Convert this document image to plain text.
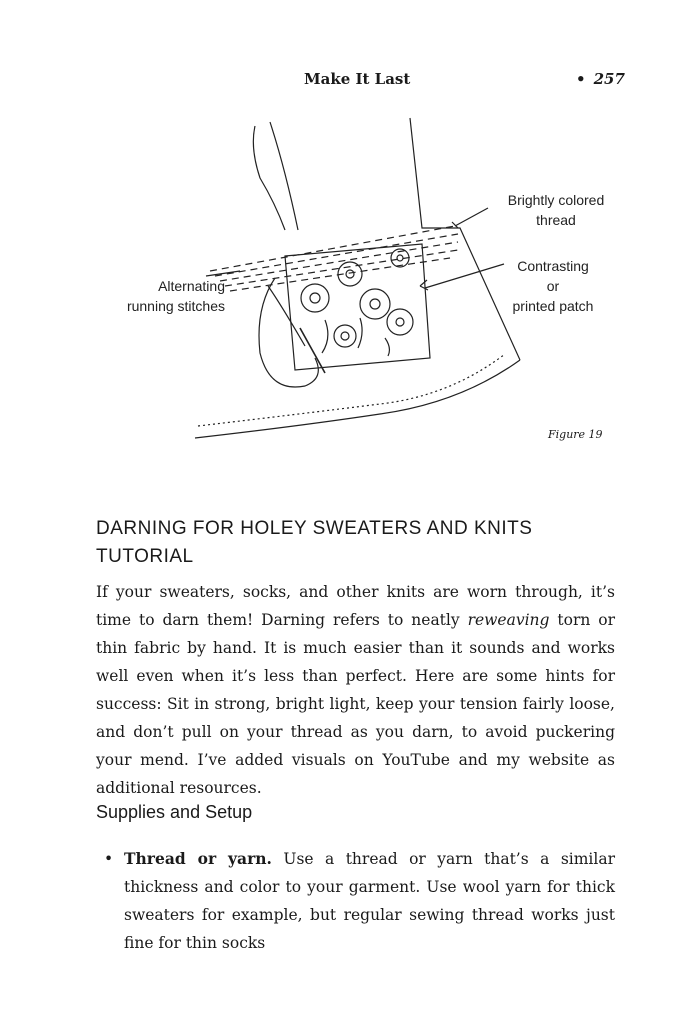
Make It Last	• 257
Brightly colored
thread
Alternating
running stitches
Contrasting
or
printed patch
Figure 19
DARNING FOR HOLEY SWEATERS AND KNITS
TUTORIAL
If your sweaters, socks, and other knits are worn through, it’s time to darn them! Darning refers to neatly reweaving torn or thin fabric by hand. It is much easier than it sounds and works well even when it’s less than perfect. Here are some hints for success: Sit in strong, bright light, keep your tension fairly loose, and don’t pull on your thread as you darn, to avoid puckering your mend. I’ve added visuals on YouTube and my website as additional resources.
Supplies and Setup
• Thread or yarn. Use a thread or yarn that’s a similar thickness and color to your garment. Use wool yarn for thick sweaters for example, but regular sewing thread works just fine for thin socks
